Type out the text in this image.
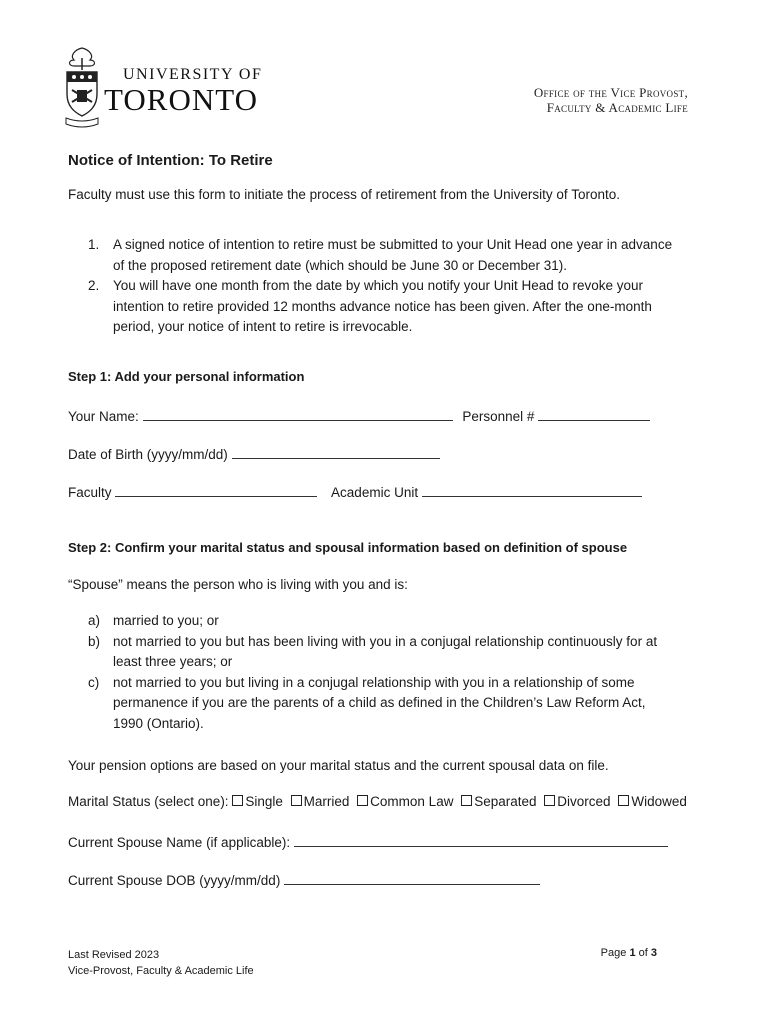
UNIVERSITY OF
TORONTO	Office of the Vice Provost,
Faculty & Academic Life
Notice of Intention: To Retire
Faculty must use this form to initiate the process of retirement from the University of Toronto.
1. A signed notice of intention to retire must be submitted to your Unit Head one year in advance
of the proposed retirement date (which should be June 30 or December 31).
2. You will have one month from the date by which you notify your Unit Head to revoke your
intention to retire provided 12 months advance notice has been given. After the one-month
period, your notice of intent to retire is irrevocable.
Step 1: Add your personal information
Your Name:	Personnel #
Date of Birth (yyyy/mm/dd)
Faculty	Academic Unit
Step 2: Confirm your marital status and spousal information based on definition of spouse
“Spouse” means the person who is living with you and is:
a) married to you; or
b) not married to you but has been living with you in a conjugal relationship continuously for at
least three years; or
c) not married to you but living in a conjugal relationship with you in a relationship of some
permanence if you are the parents of a child as defined in the Children’s Law Reform Act,
1990 (Ontario).
Your pension options are based on your marital status and the current spousal data on file.
Marital Status (select one): Single Married Common Law Separated Divorced Widowed
Current Spouse Name (if applicable):
Current Spouse DOB (yyyy/mm/dd)
Last Revised 2023
Vice-Provost, Faculty & Academic Life
Page 1 of 3
